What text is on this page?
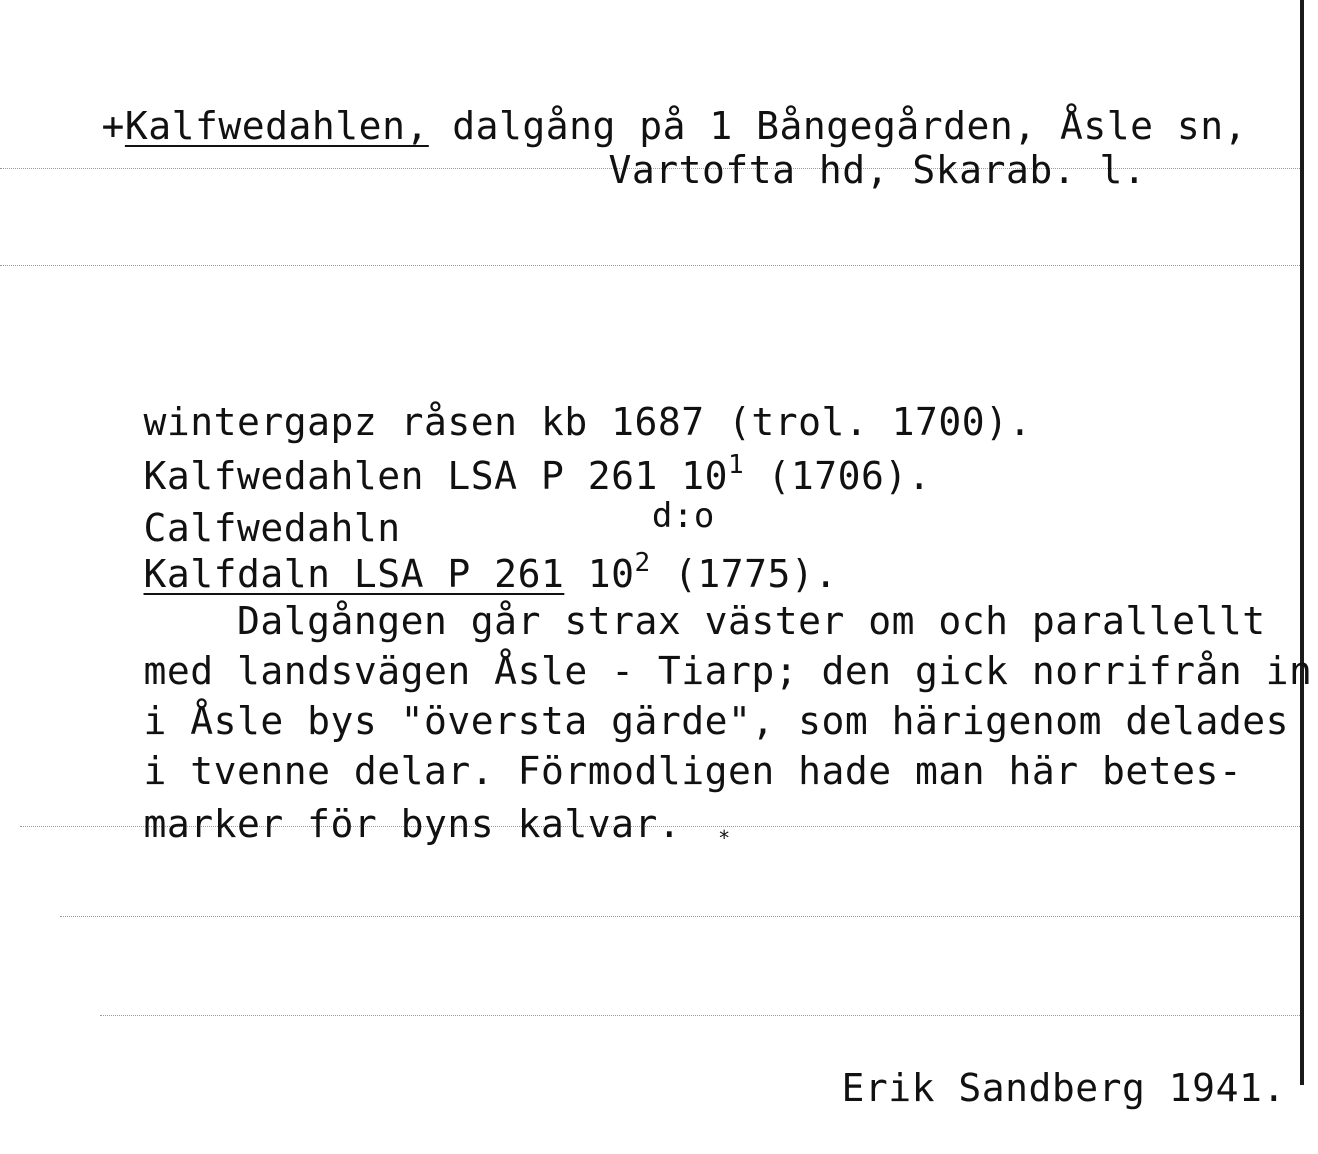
+Kalfwedahlen, dalgång på 1 Bångegården, Åsle sn,

Vartofta hd, Skarab. l.

wintergapz råsen kb 1687 (trol. 1700).

Kalfwedahlen LSA P 261 $10^1$ (1706).

Calfwedahln
	d:o

Kalfdaln LSA P 261 $10^2$ (1775).

Dalgången går strax väster om och parallellt

med landsvägen Åsle - Tiarp; den gick norrifrån in

i Åsle bys "översta gärde", som härigenom delades

i tvenne delar. Förmodligen hade man här betes-

marker för byns kalvar.
	*

Erik Sandberg 1941.
